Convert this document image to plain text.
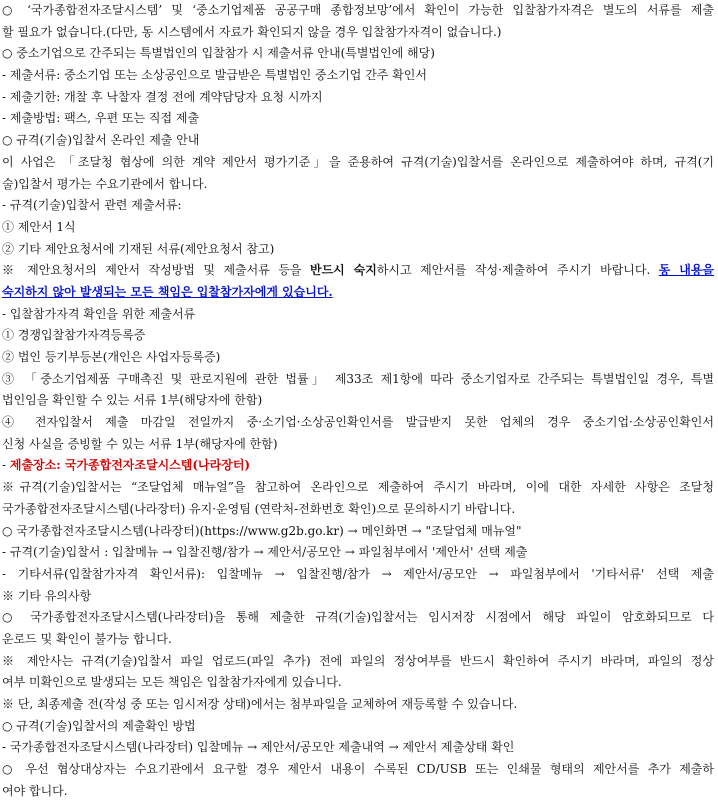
○ ‘국가종합전자조달시스템’ 및 ‘중소기업제품 공공구매 종합정보망’에서 확인이 가능한 입찰참가자격은 별도의 서류를 제출
할 필요가 없습니다.(다만, 동 시스템에서 자료가 확인되지 않을 경우 입찰참가자격이 없습니다.)
○ 중소기업으로 간주되는 특별법인의 입찰참가 시 제출서류 안내(특별법인에 해당)
- 제출서류: 중소기업 또는 소상공인으로 발급받은 특별법인 중소기업 간주 확인서
- 제출기한: 개찰 후 낙찰자 결정 전에 계약담당자 요청 시까지
- 제출방법: 팩스, 우편 또는 직접 제출
○ 규격(기술)입찰서 온라인 제출 안내
이 사업은 「조달청 협상에 의한 계약 제안서 평가기준」을 준용하여 규격(기술)입찰서를 온라인으로 제출하여야 하며, 규격(기
술)입찰서 평가는 수요기관에서 합니다.
- 규격(기술)입찰서 관련 제출서류:
① 제안서 1식
② 기타 제안요청서에 기재된 서류(제안요청서 참고)
※ 제안요청서의 제안서 작성방법 및 제출서류 등을 반드시 숙지하시고 제안서를 작성·제출하여 주시기 바랍니다. 동 내용을
숙지하지 않아 발생되는 모든 책임은 입찰참가자에게 있습니다.
- 입찰참가자격 확인을 위한 제출서류
① 경쟁입찰참가자격등록증
② 법인 등기부등본(개인은 사업자등록증)
③ 「중소기업제품 구매촉진 및 판로지원에 관한 법률」 제33조 제1항에 따라 중소기업자로 간주되는 특별법인일 경우, 특별
법인임을 확인할 수 있는 서류 1부(해당자에 한함)
④ 전자입찰서 제출 마감일 전일까지 중·소기업·소상공인확인서를 발급받지 못한 업체의 경우 중소기업·소상공인확인서
신청 사실을 증빙할 수 있는 서류 1부(해당자에 한함)
- 제출장소: 국가종합전자조달시스템(나라장터)
※규격(기술)입찰서는 “조달업체 매뉴얼”을 참고하여 온라인으로 제출하여 주시기 바라며, 이에 대한 자세한 사항은 조달청
국가종합전자조달시스템(나라장터) 유지·운영팀 (연락처-전화번호 확인)으로 문의하시기 바랍니다.
○ 국가종합전자조달시스템(나라장터)(https://www.g2b.go.kr) → 메인화면 → "조달업체 매뉴얼"
- 규격(기술)입찰서 : 입찰메뉴 → 입찰진행/참가 → 제안서/공모안 → 파일첨부에서 '제안서' 선택 제출
- 기타서류(입찰참가자격 확인서류): 입찰메뉴 → 입찰진행/참가 → 제안서/공모안 → 파일첨부에서 '기타서류' 선택 제출
※ 기타 유의사항
○ 국가종합전자조달시스템(나라장터)을 통해 제출한 규격(기술)입찰서는 임시저장 시점에서 해당 파일이 암호화되므로 다
운로드 및 확인이 불가능 합니다.
※ 제안사는 규격(기술)입찰서 파일 업로드(파일 추가) 전에 파일의 정상여부를 반드시 확인하여 주시기 바라며, 파일의 정상
여부 미확인으로 발생되는 모든 책임은 입찰참가자에게 있습니다.
※ 단, 최종제출 전(작성 중 또는 임시저장 상태)에서는 첨부파일을 교체하여 재등록할 수 있습니다.
○ 규격(기술)입찰서의 제출확인 방법
- 국가종합전자조달시스템(나라장터) 입찰메뉴 → 제안서/공모안 제출내역 → 제안서 제출상태 확인
○ 우선 협상대상자는 수요기관에서 요구할 경우 제안서 내용이 수록된 CD/USB 또는 인쇄물 형태의 제안서를 추가 제출하
여야 합니다.
